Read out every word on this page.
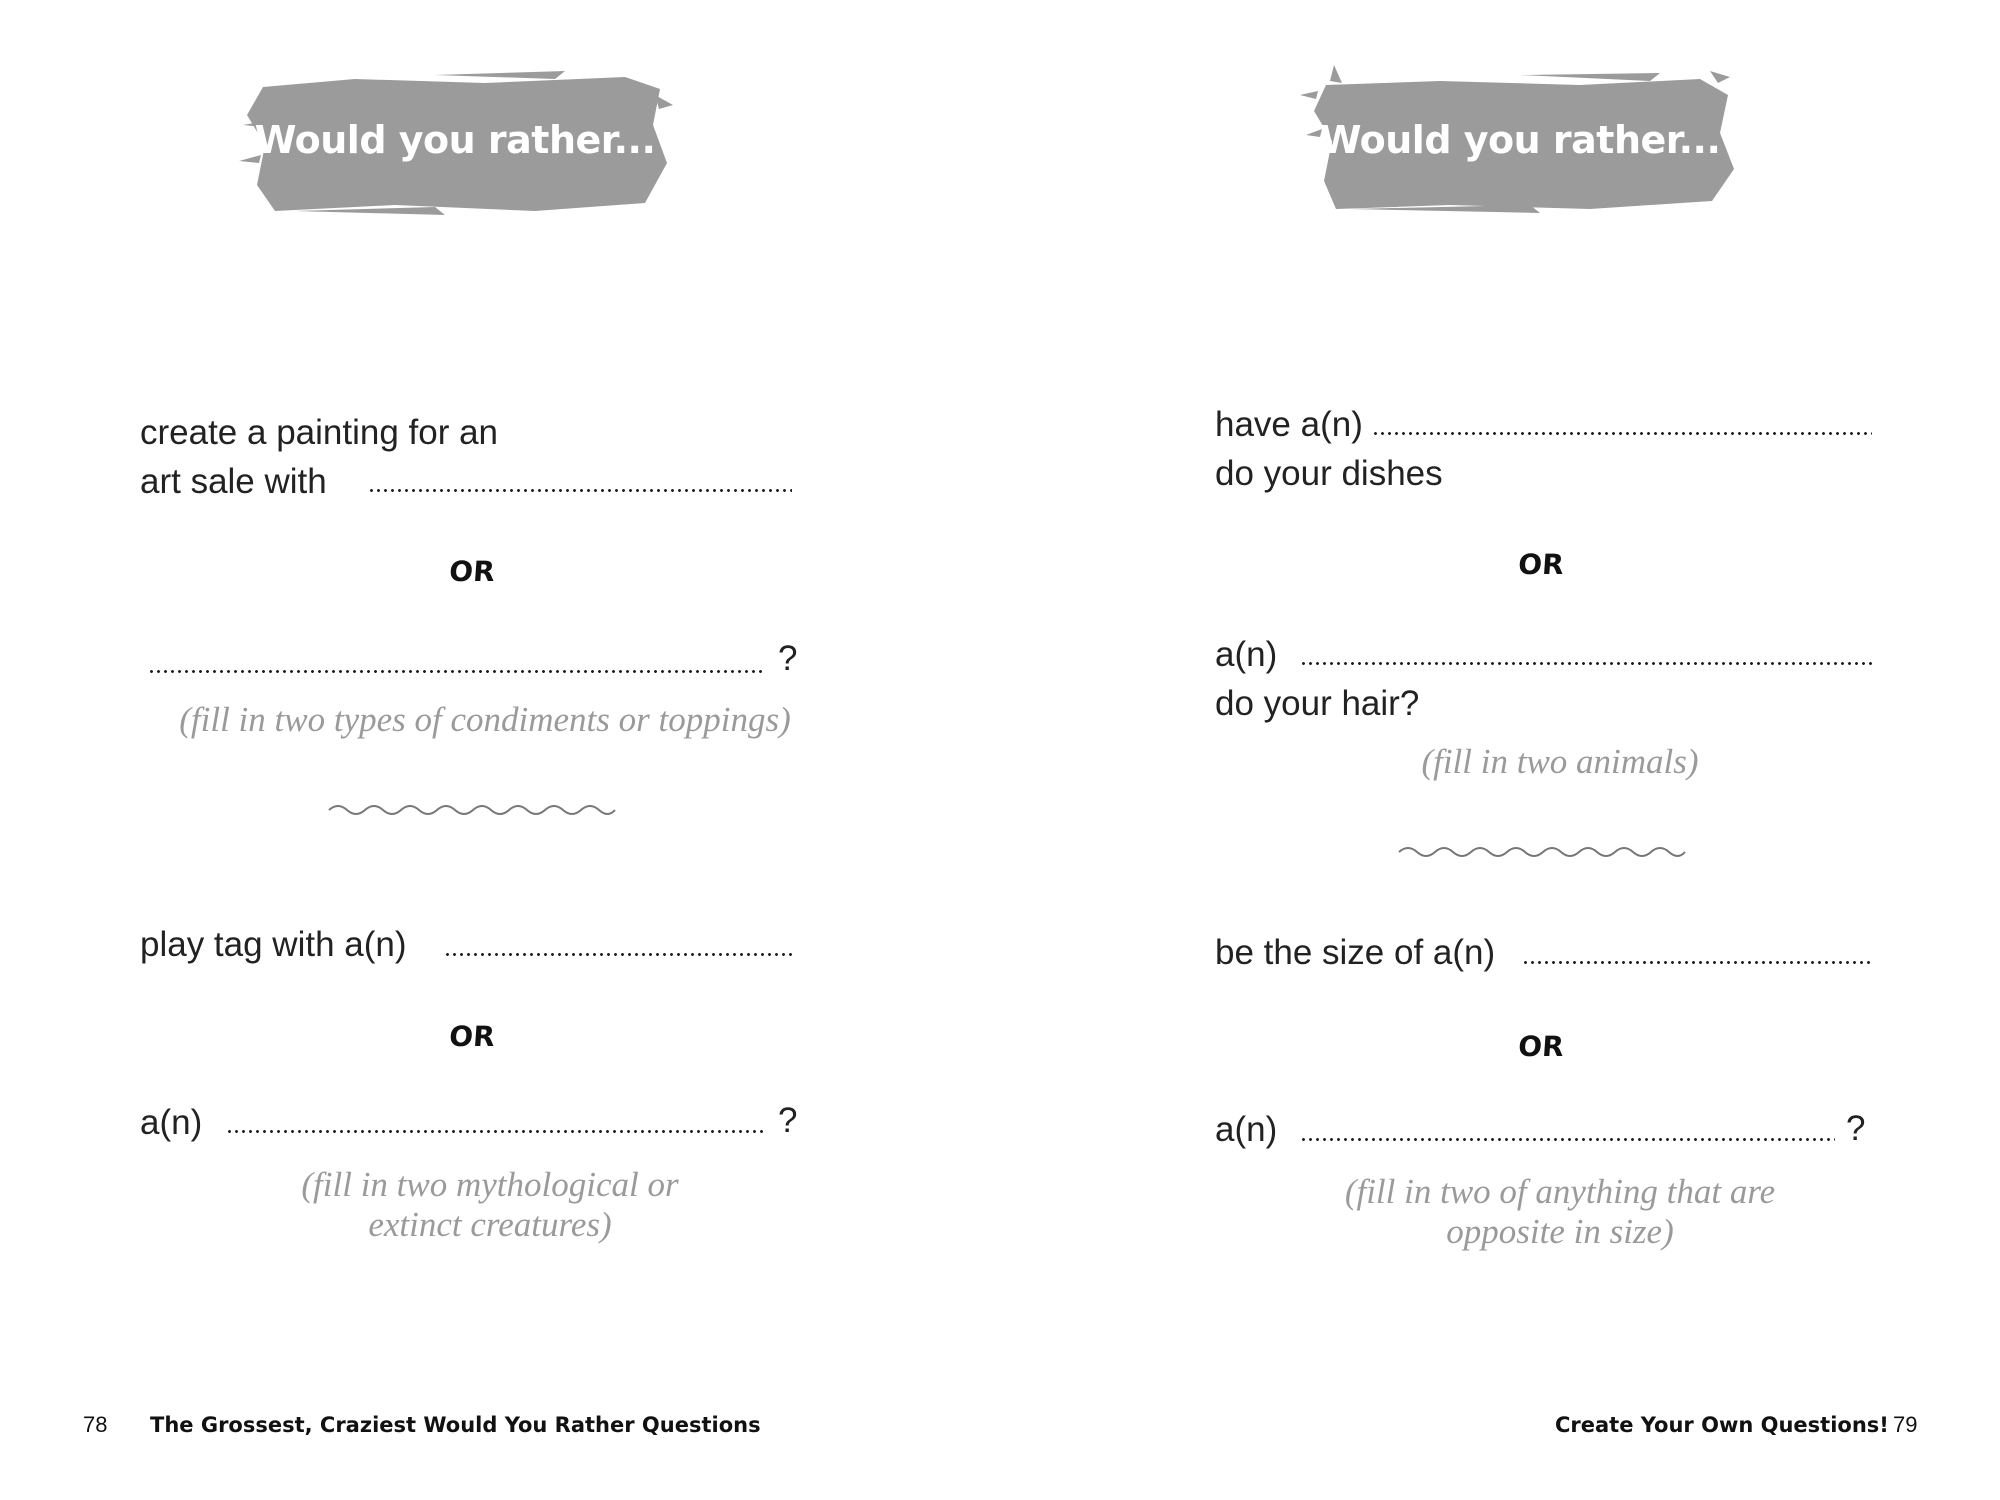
Would you rather...
create a painting for an
art sale with
OR
?
(fill in two types of condiments or toppings)
play tag with a(n)
OR
a(n)	?
(fill in two mythological or
extinct creatures)
78 The Grossest, Craziest Would You Rather Questions
Would you rather...
have a(n)
do your dishes
OR
a(n)
do your hair?
(fill in two animals)
be the size of a(n)
OR
a(n)	?
(fill in two of anything that are
opposite in size)
Create Your Own Questions! 79
